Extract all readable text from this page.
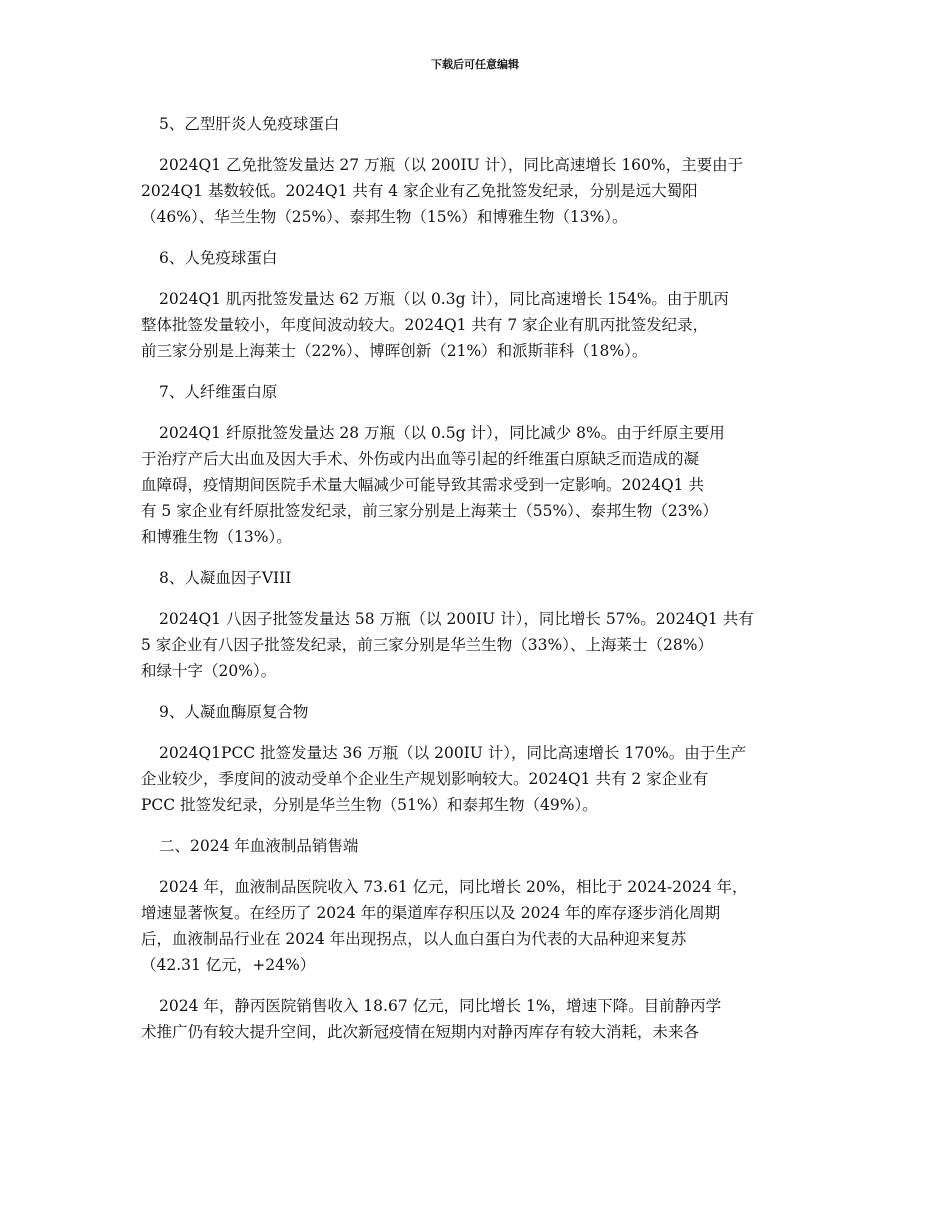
下载后可任意编辑
5、乙型肝炎人免疫球蛋白
2024Q1 乙免批签发量达 27 万瓶（以 200IU 计），同比高速增长 160%，主要由于
2024Q1 基数较低。2024Q1 共有 4 家企业有乙免批签发纪录，分别是远大蜀阳
（46%）、华兰生物（25%）、泰邦生物（15%）和博雅生物（13%）。
6、人免疫球蛋白
2024Q1 肌丙批签发量达 62 万瓶（以 0.3g 计），同比高速增长 154%。由于肌丙
整体批签发量较小，年度间波动较大。2024Q1 共有 7 家企业有肌丙批签发纪录，
前三家分别是上海莱士（22%）、博晖创新（21%）和派斯菲科（18%）。
7、人纤维蛋白原
2024Q1 纤原批签发量达 28 万瓶（以 0.5g 计），同比减少 8%。由于纤原主要用
于治疗产后大出血及因大手术、外伤或内出血等引起的纤维蛋白原缺乏而造成的凝
血障碍，疫情期间医院手术量大幅减少可能导致其需求受到一定影响。2024Q1 共
有 5 家企业有纤原批签发纪录，前三家分别是上海莱士（55%）、泰邦生物（23%）
和博雅生物（13%）。
8、人凝血因子VIII
2024Q1 八因子批签发量达 58 万瓶（以 200IU 计），同比增长 57%。2024Q1 共有
5 家企业有八因子批签发纪录，前三家分别是华兰生物（33%）、上海莱士（28%）
和绿十字（20%）。
9、人凝血酶原复合物
2024Q1PCC 批签发量达 36 万瓶（以 200IU 计），同比高速增长 170%。由于生产
企业较少，季度间的波动受单个企业生产规划影响较大。2024Q1 共有 2 家企业有
PCC 批签发纪录，分别是华兰生物（51%）和泰邦生物（49%）。
二、2024 年血液制品销售端
2024 年，血液制品医院收入 73.61 亿元，同比增长 20%，相比于 2024-2024 年，
增速显著恢复。在经历了 2024 年的渠道库存积压以及 2024 年的库存逐步消化周期
后，血液制品行业在 2024 年出现拐点，以人血白蛋白为代表的大品种迎来复苏
（42.31 亿元，+24%）
2024 年，静丙医院销售收入 18.67 亿元，同比增长 1%，增速下降。目前静丙学
术推广仍有较大提升空间，此次新冠疫情在短期内对静丙库存有较大消耗，未来各
